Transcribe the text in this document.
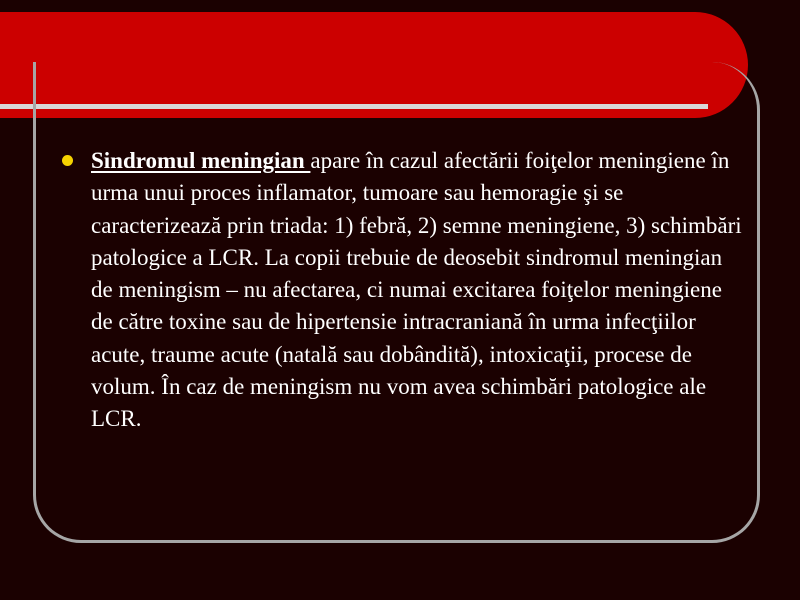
Sindromul meningian apare în cazul afectării foiţelor meningiene în urma unui proces inflamator, tumoare sau hemoragie şi se caracterizează prin triada: 1) febră, 2) semne meningiene, 3) schimbări patologice a LCR. La copii trebuie de deosebit sindromul meningian de meningism – nu afectarea, ci numai excitarea foiţelor meningiene de către toxine sau de hipertensie intracraniană în urma infecţiilor acute, traume acute (natală sau dobândită), intoxicaţii, procese de volum. În caz de meningism nu vom avea schimbări patologice ale LCR.
